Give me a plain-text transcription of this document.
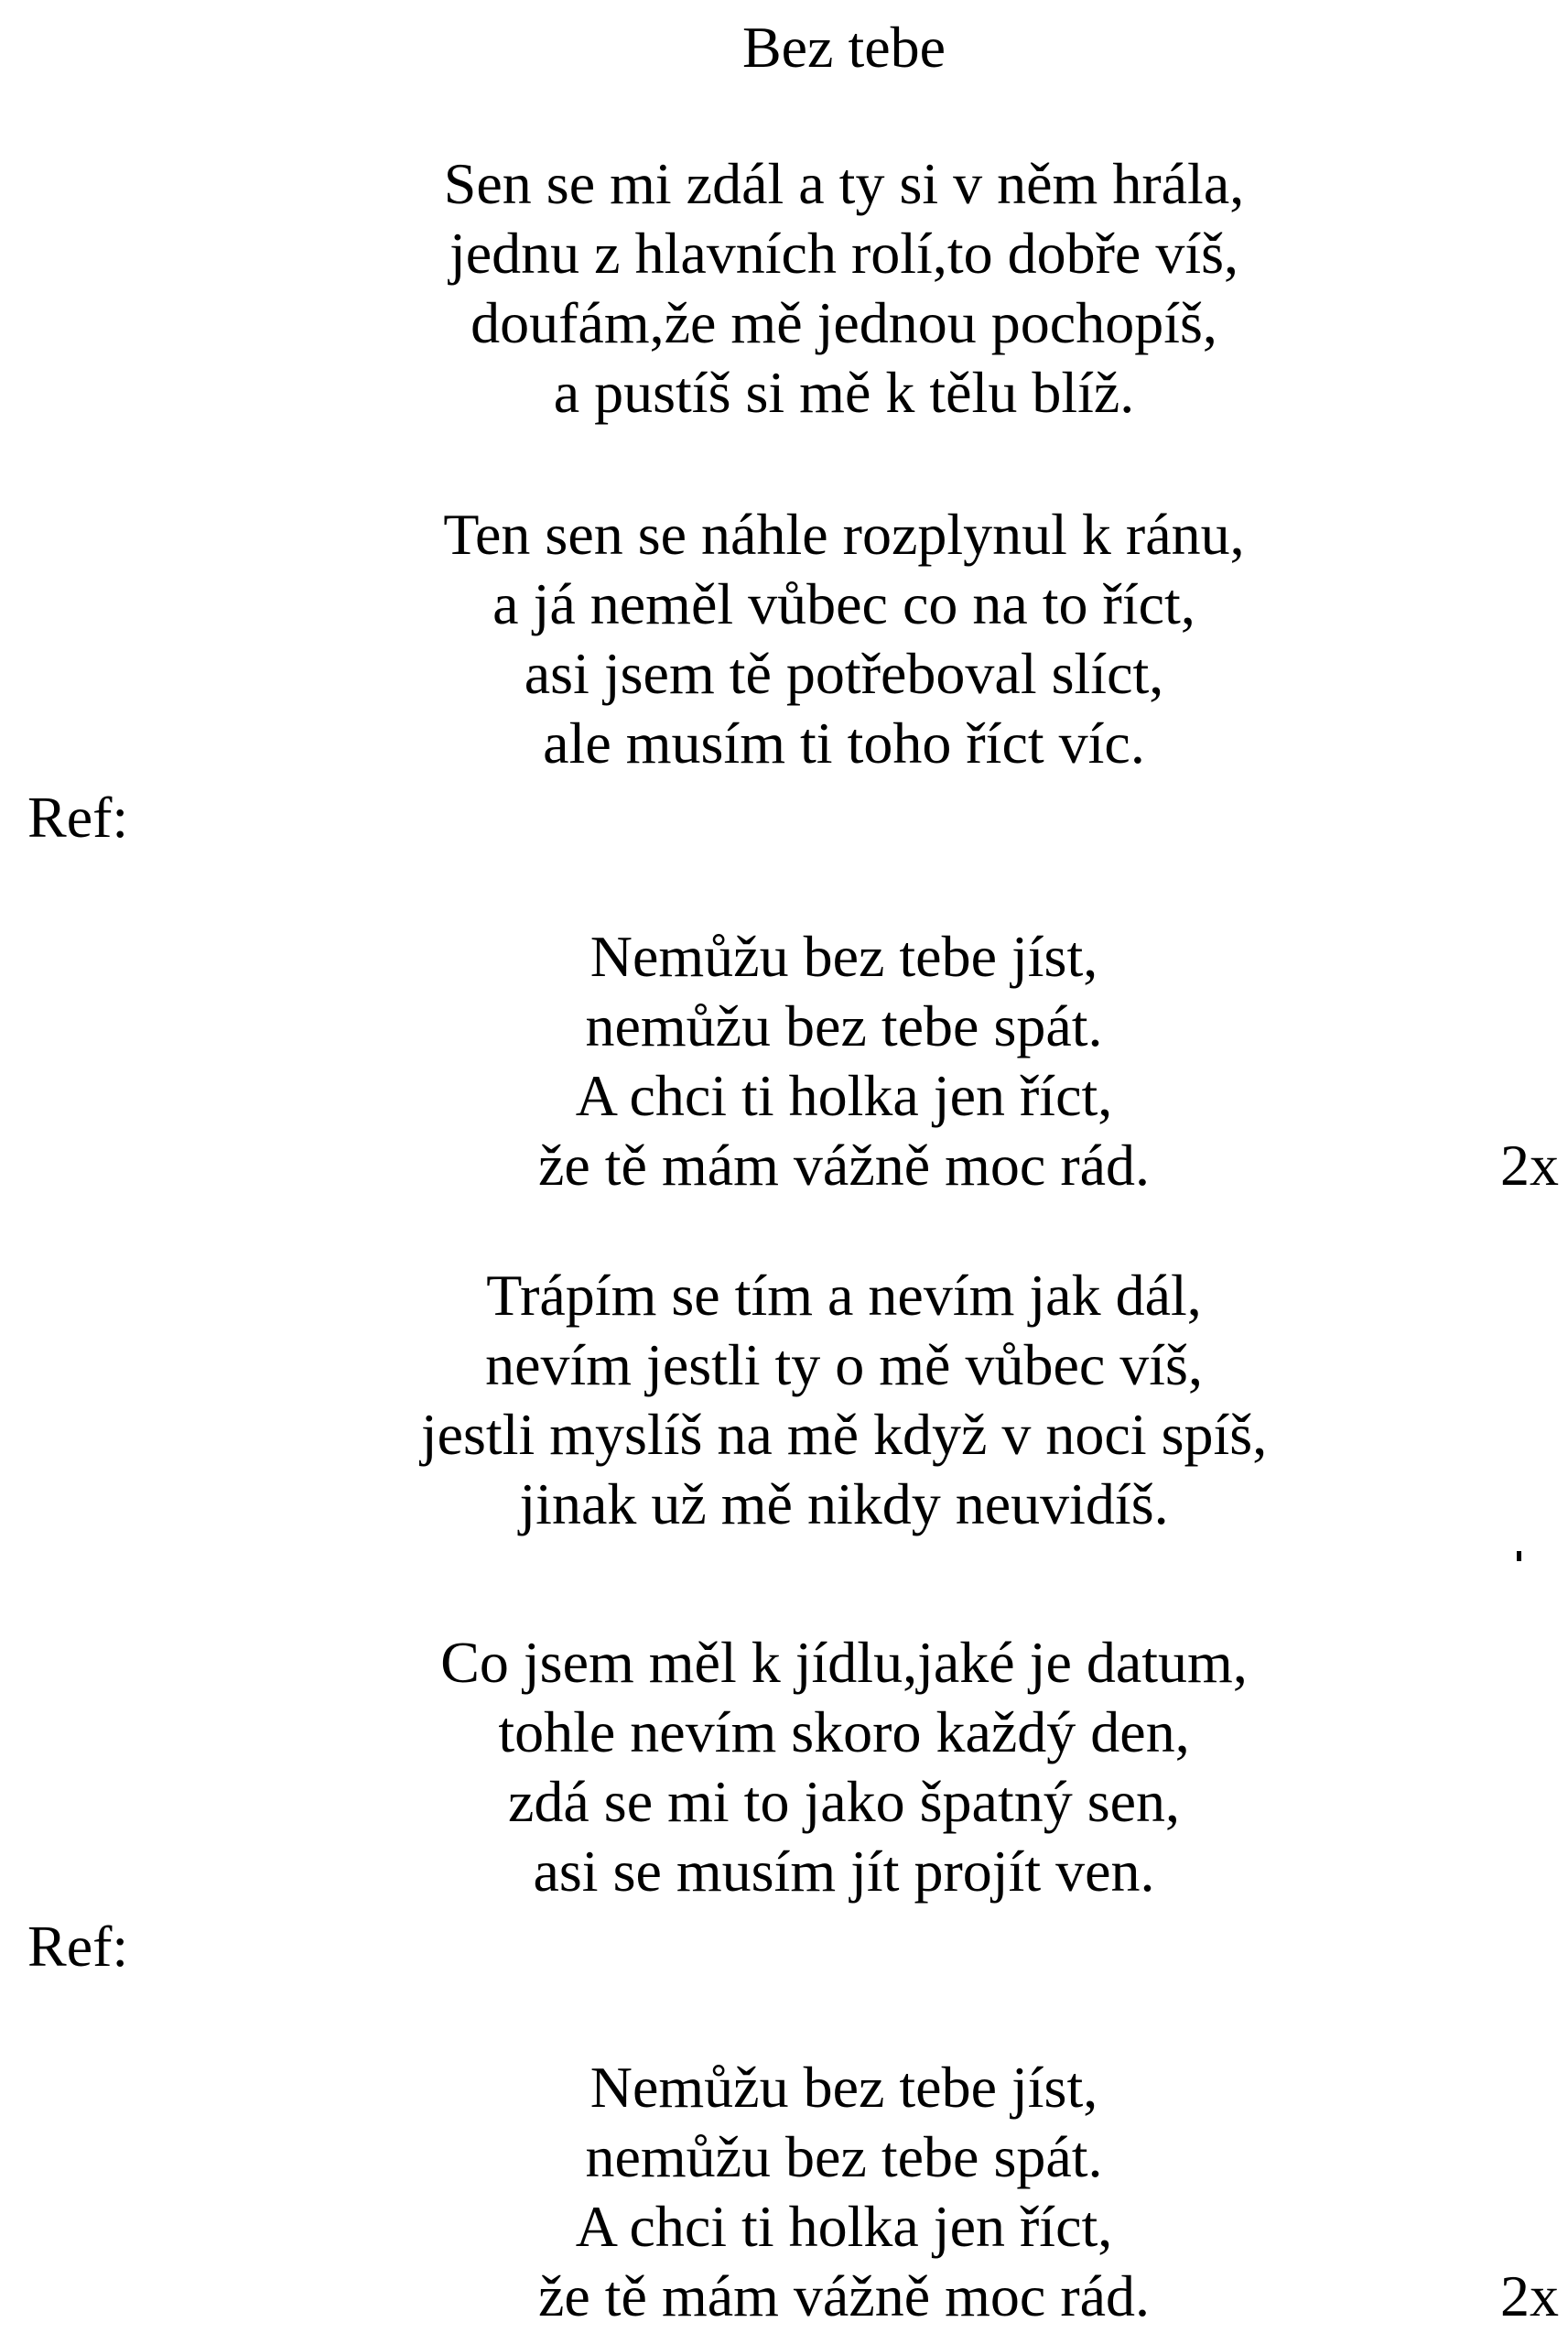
Bez tebe
Sen se mi zdál a ty si v něm hrála,
jednu z hlavních rolí,to dobře víš,
doufám,že mě jednou pochopíš,
a pustíš si mě k tělu blíž.
Ten sen se náhle rozplynul k ránu,
a já neměl vůbec co na to říct,
asi jsem tě potřeboval slíct,
ale musím ti toho říct víc.
Ref:
Nemůžu bez tebe jíst,
nemůžu bez tebe spát.
A chci ti holka jen říct,
že tě mám vážně moc rád.	2x
Trápím se tím a nevím jak dál,
nevím jestli ty o mě vůbec víš,
jestli myslíš na mě když v noci spíš,
jinak už mě nikdy neuvidíš.
Co jsem měl k jídlu,jaké je datum,
tohle nevím skoro každý den,
zdá se mi to jako špatný sen,
asi se musím jít projít ven.
Ref:
Nemůžu bez tebe jíst,
nemůžu bez tebe spát.
A chci ti holka jen říct,
že tě mám vážně moc rád.	2x
